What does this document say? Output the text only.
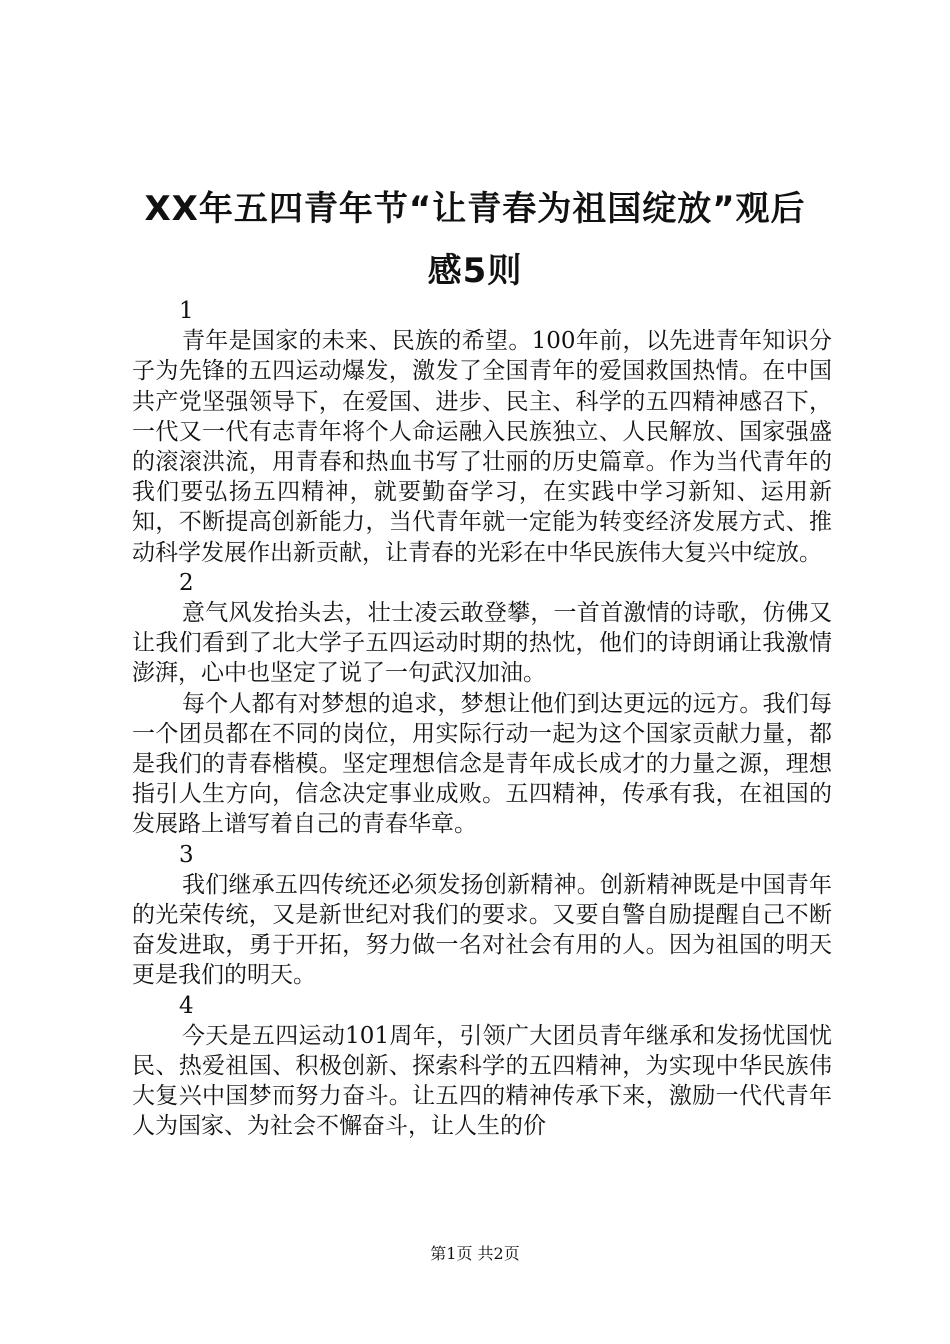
XX年五四青年节“让青春为祖国绽放”观后
感5则
1

青年是国家的未来、民族的希望。100年前，以先进青年知识分子为先锋的五四运动爆发，激发了全国青年的爱国救国热情。在中国共产党坚强领导下，在爱国、进步、民主、科学的五四精神感召下，一代又一代有志青年将个人命运融入民族独立、人民解放、国家强盛的滚滚洪流，用青春和热血书写了壮丽的历史篇章。作为当代青年的我们要弘扬五四精神，就要勤奋学习，在实践中学习新知、运用新知，不断提高创新能力，当代青年就一定能为转变经济发展方式、推动科学发展作出新贡献，让青春的光彩在中华民族伟大复兴中绽放。

2

意气风发抬头去，壮士凌云敢登攀，一首首激情的诗歌，仿佛又让我们看到了北大学子五四运动时期的热忱，他们的诗朗诵让我激情澎湃，心中也坚定了说了一句武汉加油。

每个人都有对梦想的追求，梦想让他们到达更远的远方。我们每一个团员都在不同的岗位，用实际行动一起为这个国家贡献力量，都是我们的青春楷模。坚定理想信念是青年成长成才的力量之源，理想指引人生方向，信念决定事业成败。五四精神，传承有我，在祖国的发展路上谱写着自己的青春华章。

3

我们继承五四传统还必须发扬创新精神。创新精神既是中国青年的光荣传统，又是新世纪对我们的要求。又要自警自励提醒自己不断奋发进取，勇于开拓，努力做一名对社会有用的人。因为祖国的明天更是我们的明天。

4

今天是五四运动101周年，引领广大团员青年继承和发扬忧国忧民、热爱祖国、积极创新、探索科学的五四精神，为实现中华民族伟大复兴中国梦而努力奋斗。让五四的精神传承下来，激励一代代青年人为国家、为社会不懈奋斗，让人生的价

第1页 共2页
